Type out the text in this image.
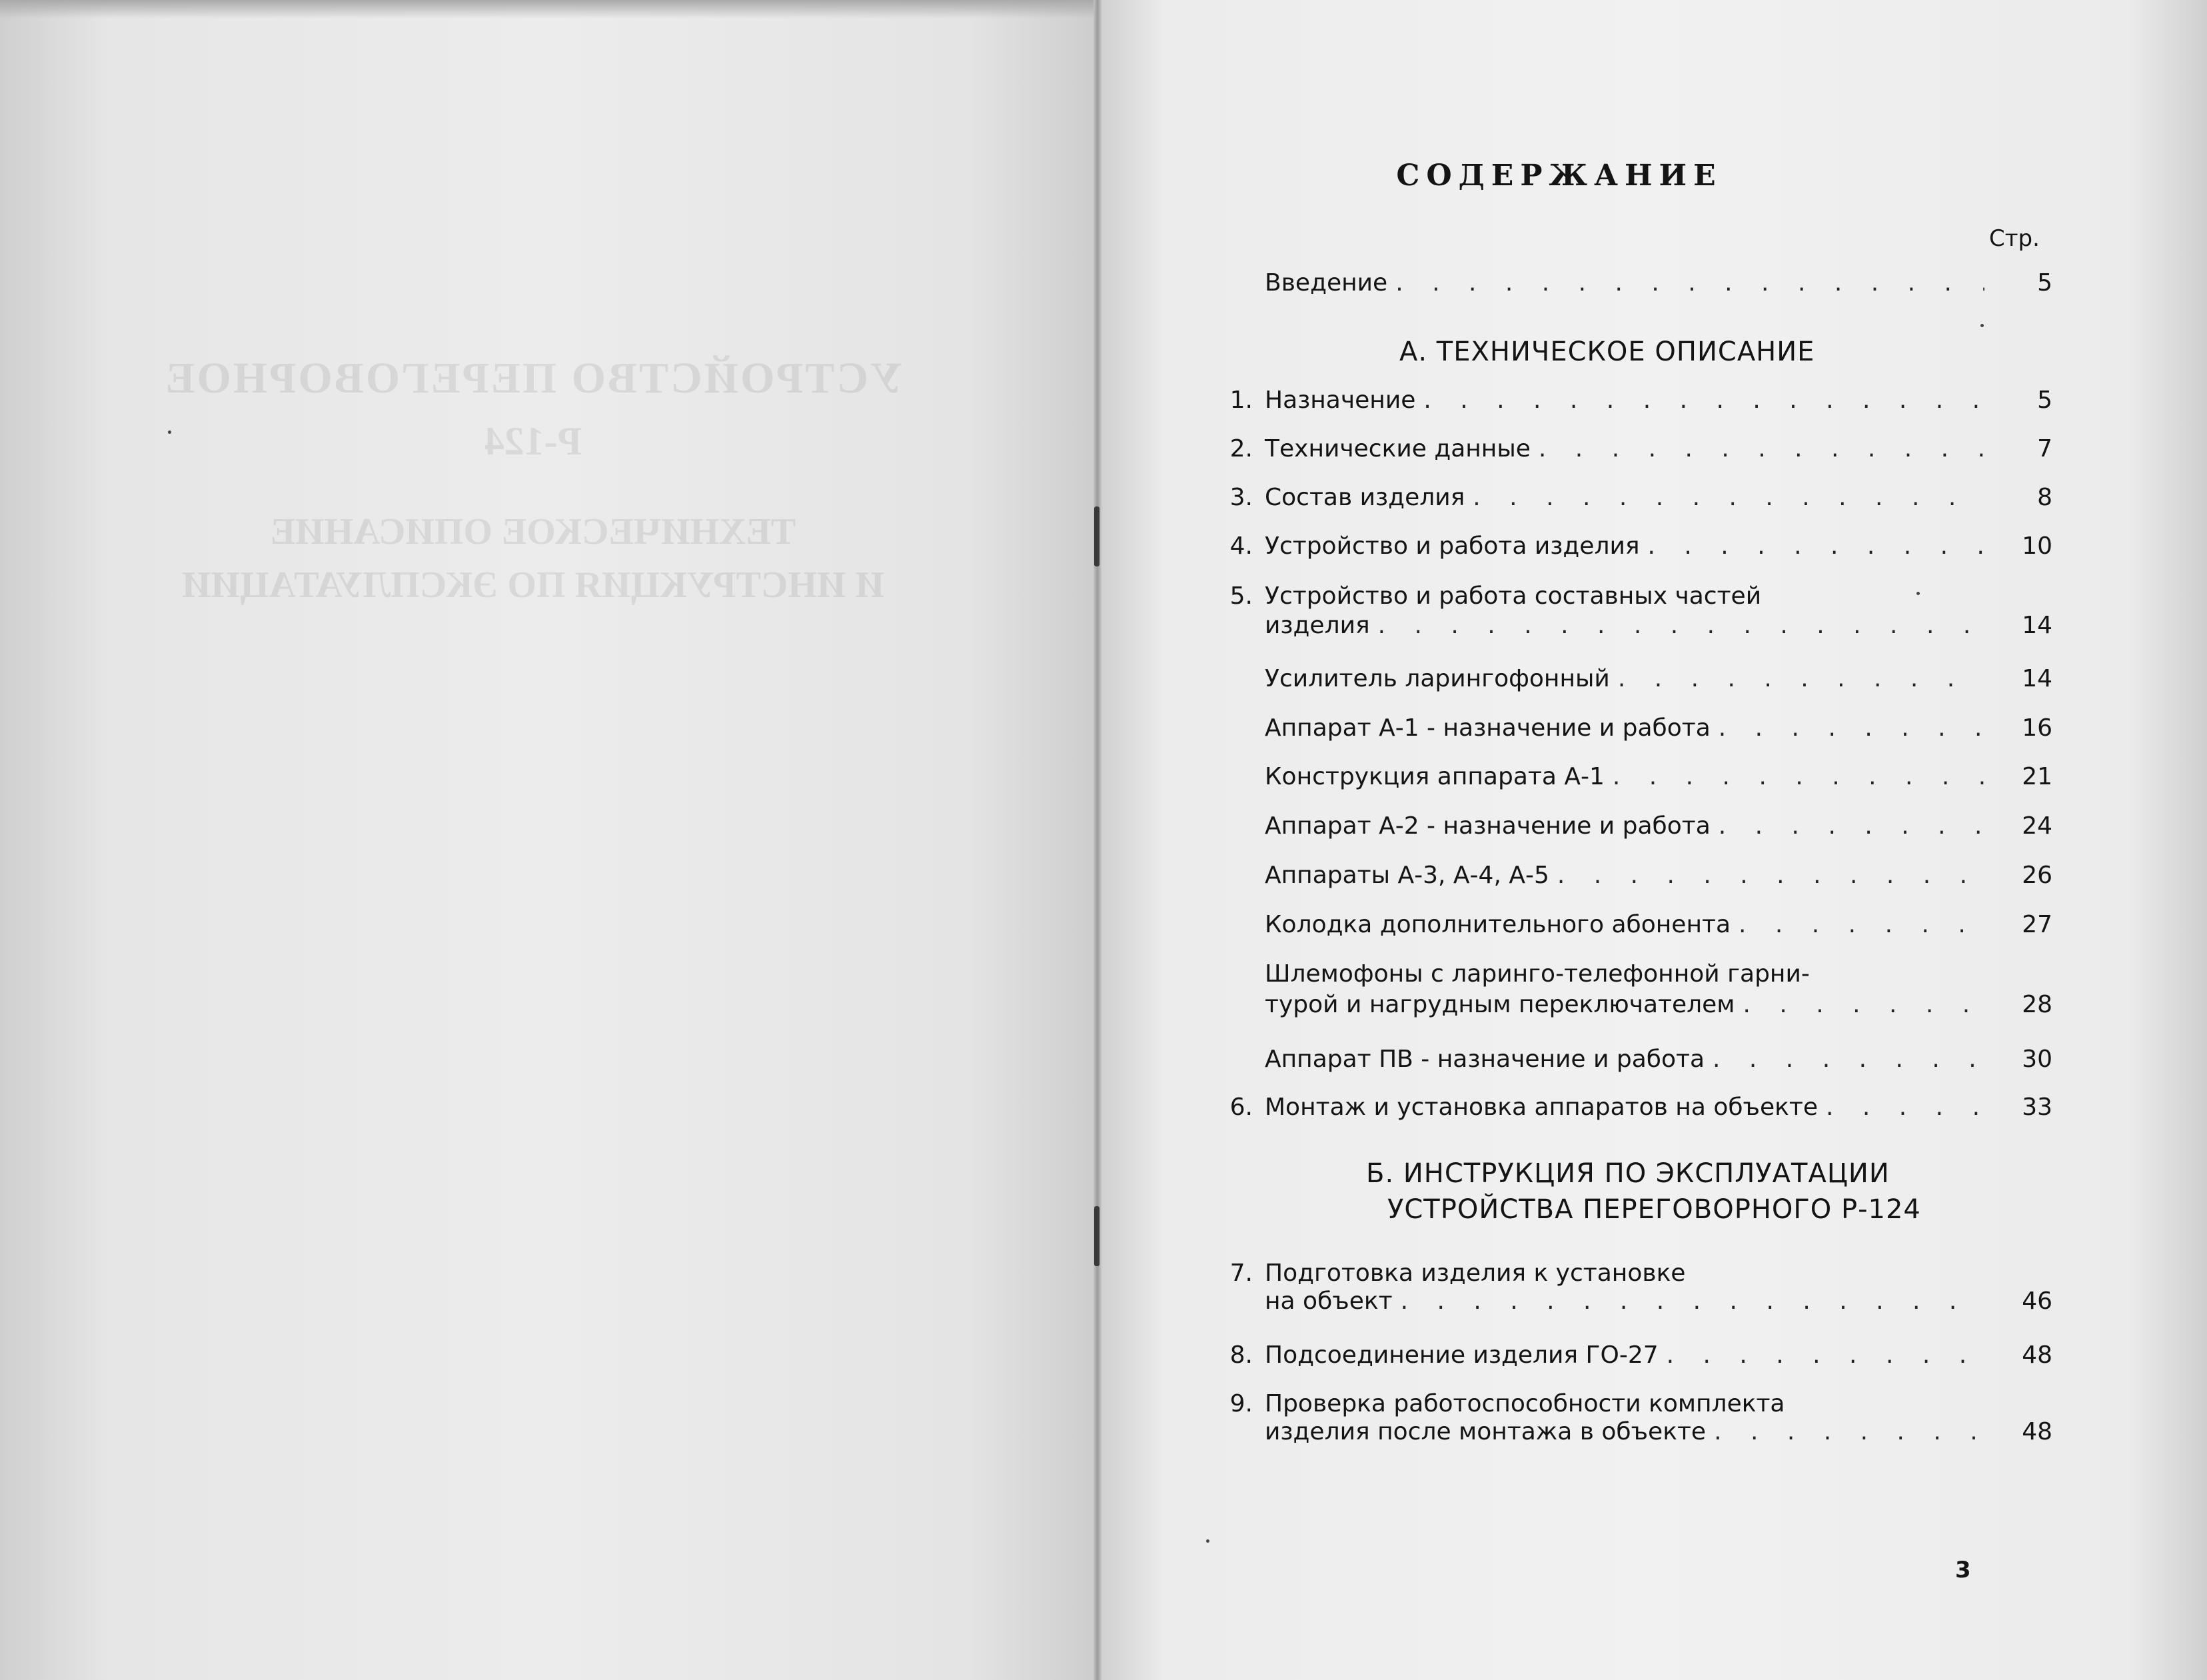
УСТРОЙСТВО ПЕРЕГОВОРНОЕ
Р-124
ТЕХНИЧЕСКОЕ ОПИСАНИЕ
И ИНСТРУКЦИЯ ПО ЭКСПЛУАТАЦИИ
СОДЕРЖАНИЕ
Стр.
Введение . . .	5
А. ТЕХНИЧЕСКОЕ ОПИСАНИЕ
1. Назначение . . .	5
2. Технические данные . . .	7
3. Состав изделия . . .	8
4. Устройство и работа изделия . . .	10
5. Устройство и работа составных частей
изделия . . .	14
Усилитель ларингофонный . . .	14
Аппарат А-1 - назначение и работа . . .	16
Конструкция аппарата А-1 . . .	21
Аппарат А-2 - назначение и работа . . .	24
Аппараты А-3, А-4, А-5 . . .	26
Колодка дополнительного абонента . . .	27
Шлемофоны с ларинго-телефонной гарни-
турой и нагрудным переключателем . . .	28
Аппарат ПВ - назначение и работа . . .	30
6. Монтаж и установка аппаратов на объекте . . .	33
Б. ИНСТРУКЦИЯ ПО ЭКСПЛУАТАЦИИ
УСТРОЙСТВА ПЕРЕГОВОРНОГО Р-124
7. Подготовка изделия к установке
на объект . . .	46
8. Подсоединение изделия ГО-27 . . .	48
9. Проверка работоспособности комплекта
изделия после монтажа в объекте . . .	48
3
